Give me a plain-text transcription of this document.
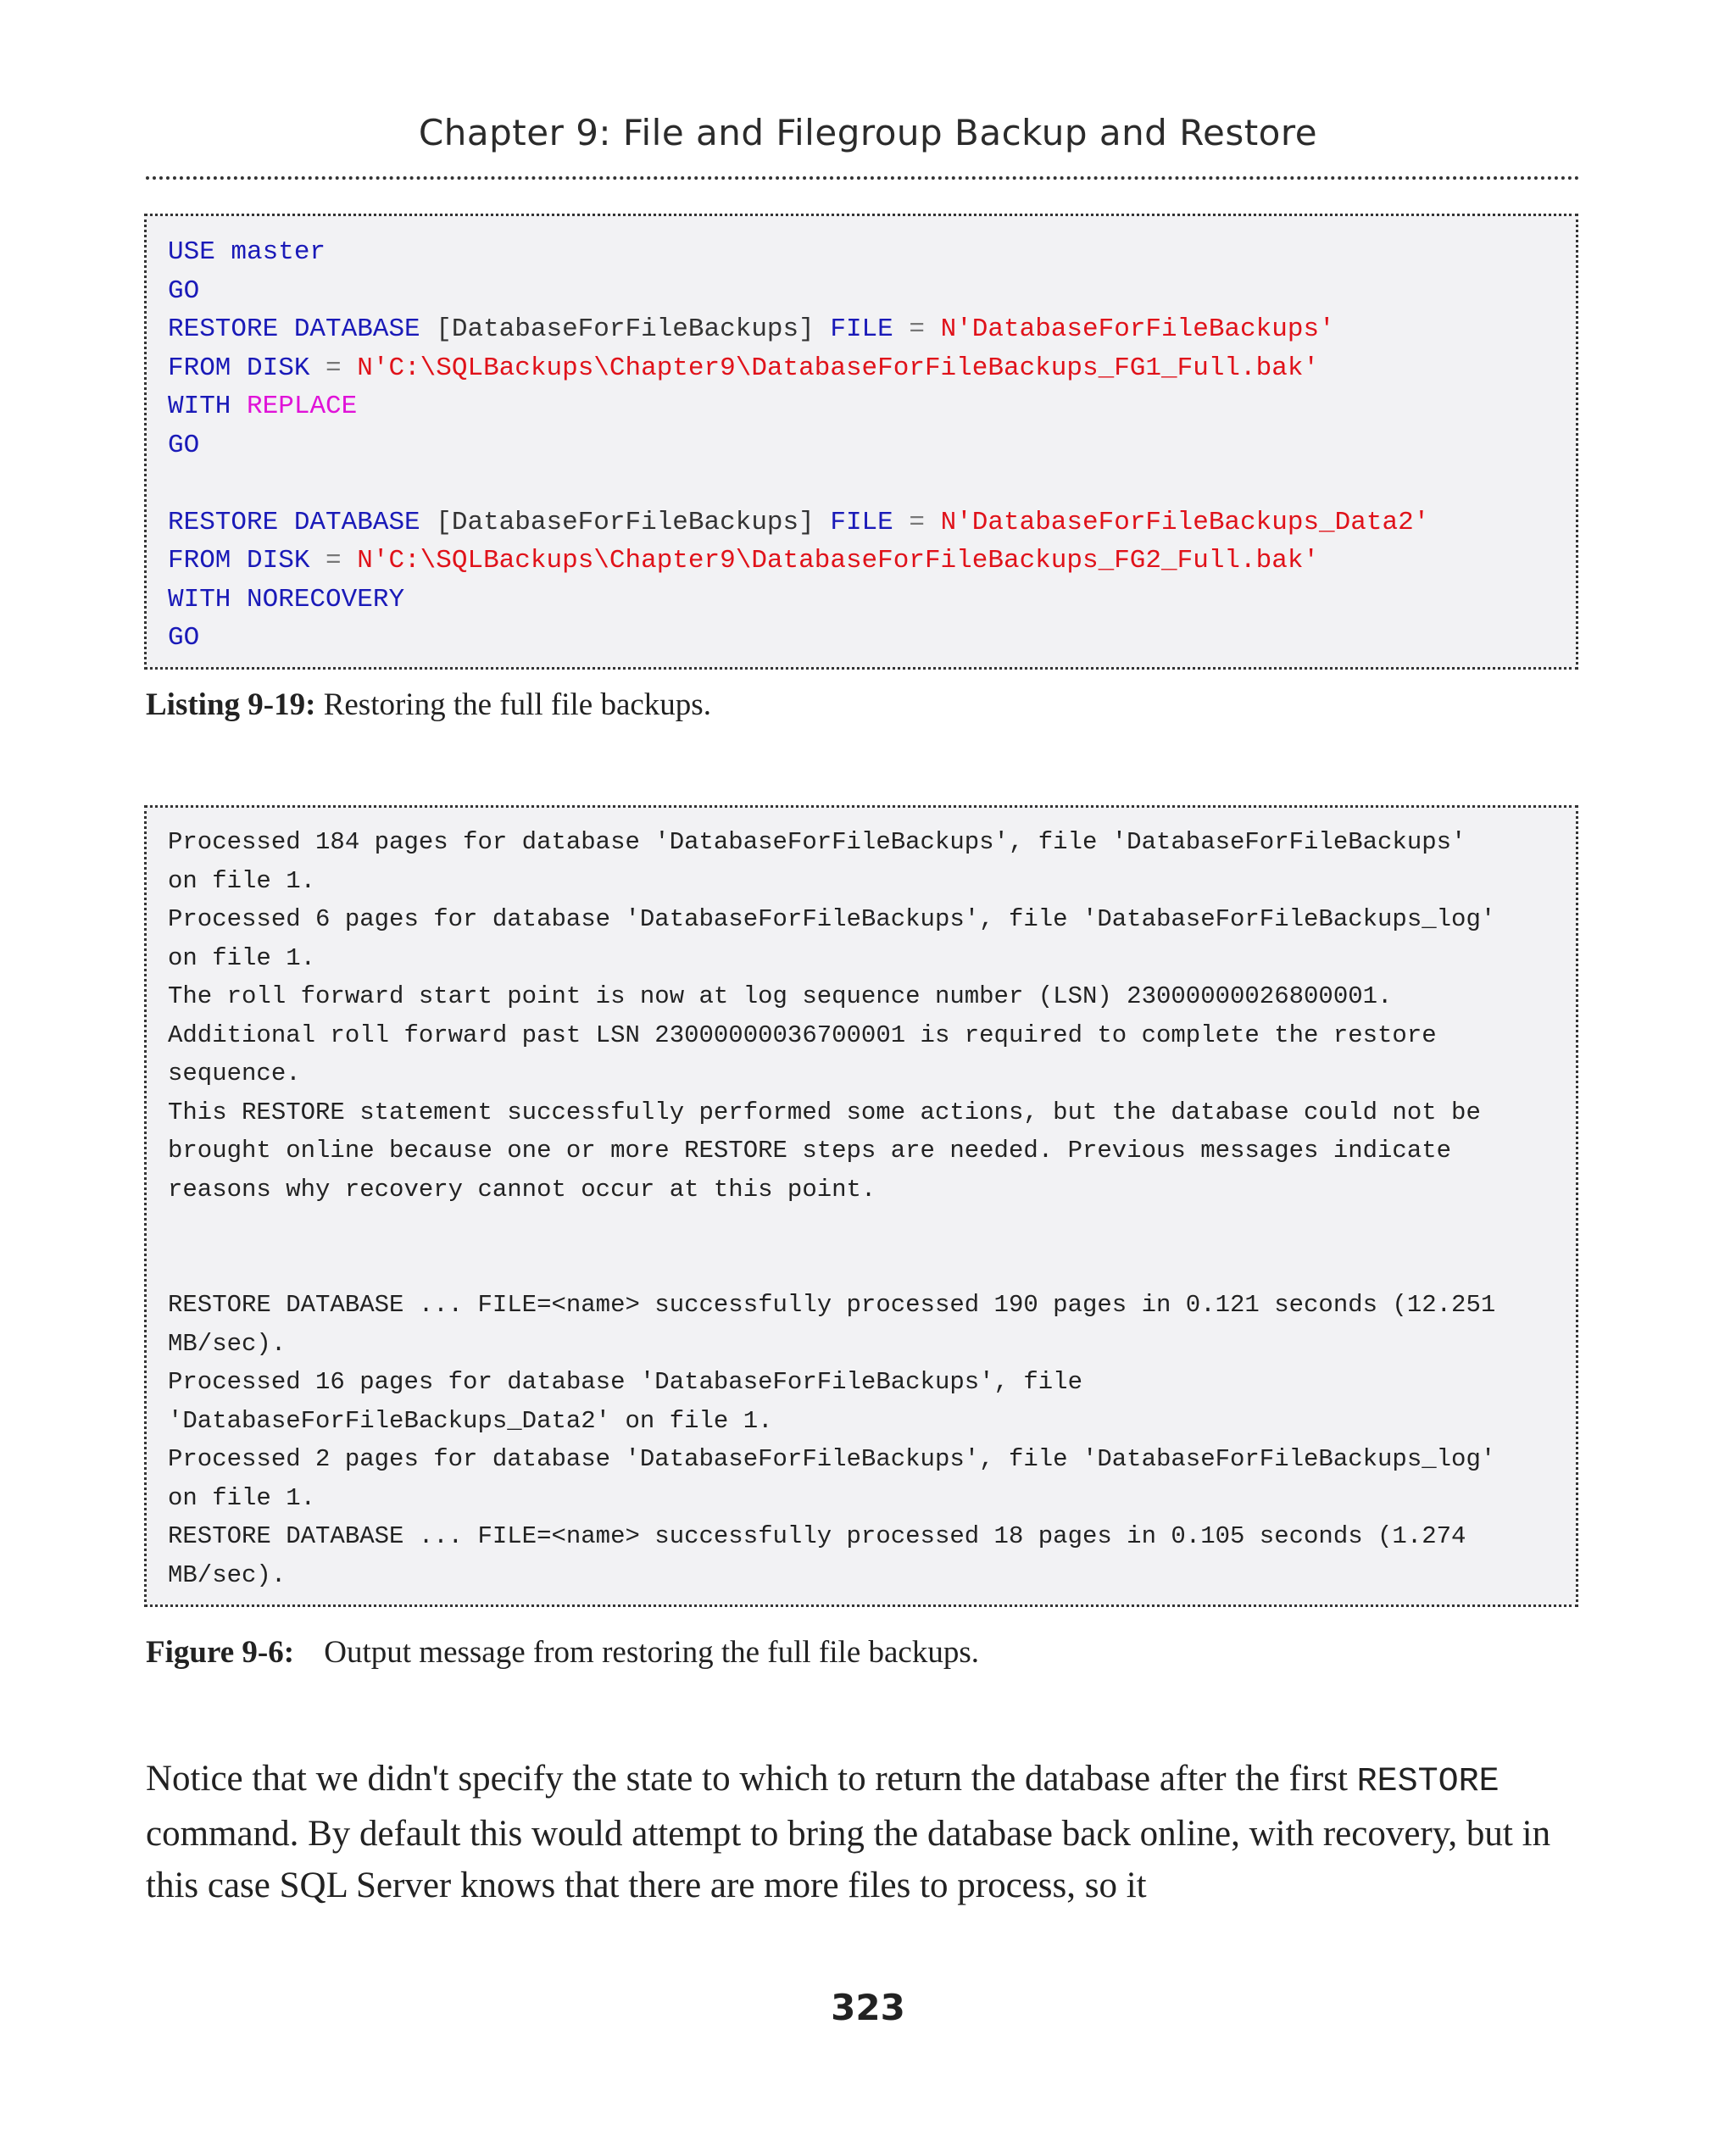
Chapter 9: File and Filegroup Backup and Restore
USE master
GO
RESTORE DATABASE [DatabaseForFileBackups] FILE = N'DatabaseForFileBackups'
FROM DISK = N'C:\SQLBackups\Chapter9\DatabaseForFileBackups_FG1_Full.bak'
WITH REPLACE
GO
RESTORE DATABASE [DatabaseForFileBackups] FILE = N'DatabaseForFileBackups_Data2'
FROM DISK = N'C:\SQLBackups\Chapter9\DatabaseForFileBackups_FG2_Full.bak'
WITH NORECOVERY
GO
Listing 9-19: Restoring the full file backups.
Processed 184 pages for database 'DatabaseForFileBackups', file 'DatabaseForFileBackups'
on file 1.
Processed 6 pages for database 'DatabaseForFileBackups', file 'DatabaseForFileBackups_log'
on file 1.
The roll forward start point is now at log sequence number (LSN) 23000000026800001.
Additional roll forward past LSN 23000000036700001 is required to complete the restore
sequence.
This RESTORE statement successfully performed some actions, but the database could not be
brought online because one or more RESTORE steps are needed. Previous messages indicate
reasons why recovery cannot occur at this point.
RESTORE DATABASE ... FILE=<name> successfully processed 190 pages in 0.121 seconds (12.251
MB/sec).
Processed 16 pages for database 'DatabaseForFileBackups', file
'DatabaseForFileBackups_Data2' on file 1.
Processed 2 pages for database 'DatabaseForFileBackups', file 'DatabaseForFileBackups_log'
on file 1.
RESTORE DATABASE ... FILE=<name> successfully processed 18 pages in 0.105 seconds (1.274
MB/sec).
Figure 9-6: Output message from restoring the full file backups.
Notice that we didn't specify the state to which to return the database after the first RESTORE command. By default this would attempt to bring the database back online, with recovery, but in this case SQL Server knows that there are more files to process, so it
323
